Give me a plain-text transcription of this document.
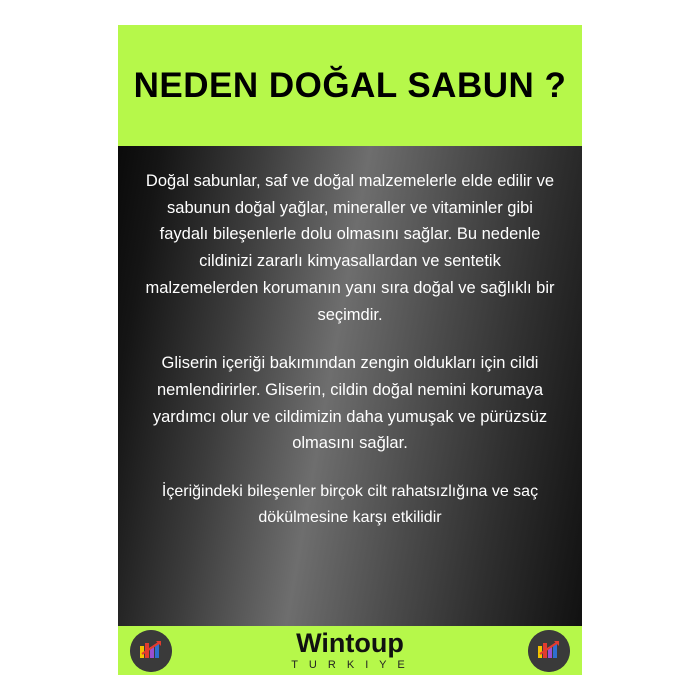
NEDEN DOĞAL SABUN ?

Doğal sabunlar, saf ve doğal malzemelerle elde edilir ve sabunun doğal yağlar, mineraller ve vitaminler gibi faydalı bileşenlerle dolu olmasını sağlar. Bu nedenle cildinizi zararlı kimyasallardan ve sentetik malzemelerden korumanın yanı sıra doğal ve sağlıklı bir seçimdir.

Gliserin içeriği bakımından zengin oldukları için cildi nemlendirirler. Gliserin, cildin doğal nemini korumaya yardımcı olur ve cildimizin daha yumuşak ve pürüzsüz olmasını sağlar.

İçeriğindeki bileşenler birçok cilt rahatsızlığına ve saç dökülmesine karşı etkilidir

Wintoup
T U R K I Y E
